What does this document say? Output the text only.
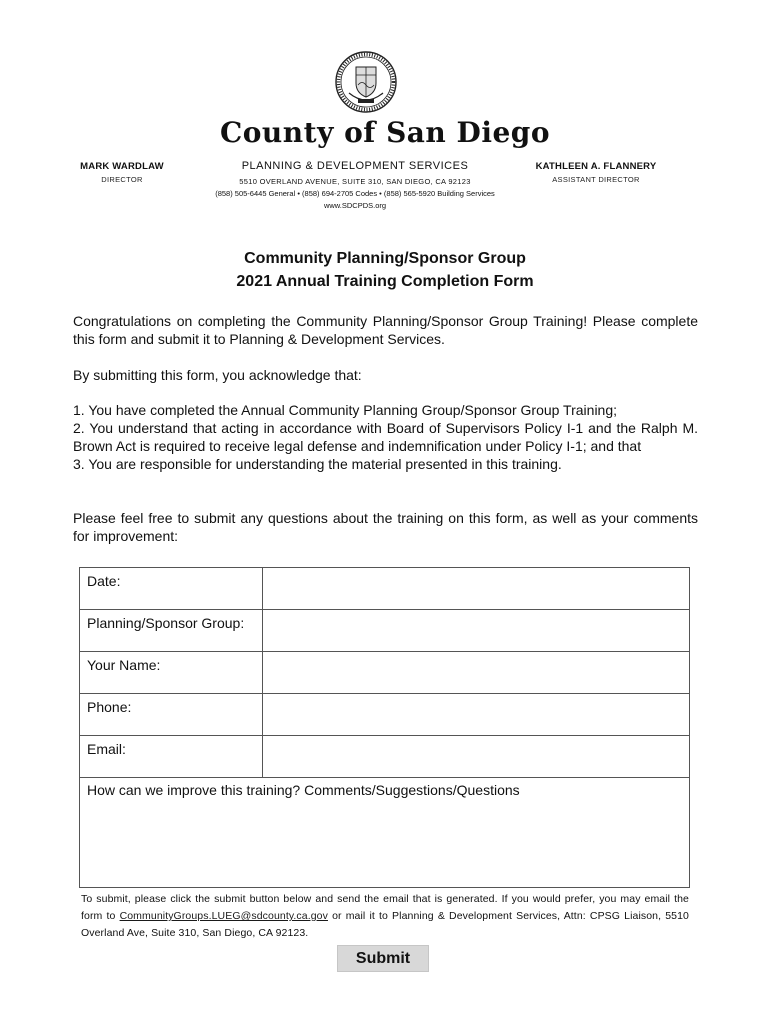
County of San Diego
MARK WARDLAW
DIRECTOR
PLANNING & DEVELOPMENT SERVICES
5510 OVERLAND AVENUE, SUITE 310, SAN DIEGO, CA 92123
(858) 505-6445 General • (858) 694-2705 Codes • (858) 565-5920 Building Services
www.SDCPDS.org
KATHLEEN A. FLANNERY
ASSISTANT DIRECTOR
Community Planning/Sponsor Group
2021 Annual Training Completion Form
Congratulations on completing the Community Planning/Sponsor Group Training! Please complete this form and submit it to Planning & Development Services.
By submitting this form, you acknowledge that:
1. You have completed the Annual Community Planning Group/Sponsor Group Training;
2. You understand that acting in accordance with Board of Supervisors Policy I-1 and the Ralph M. Brown Act is required to receive legal defense and indemnification under Policy I-1; and that
3. You are responsible for understanding the material presented in this training.
Please feel free to submit any questions about the training on this form, as well as your comments for improvement:
Date:	

Planning/Sponsor Group:	

Your Name:	

Phone:	

Email:	

How can we improve this training? Comments/Suggestions/Questions	
To submit, please click the submit button below and send the email that is generated. If you would prefer, you may email the form to CommunityGroups.LUEG@sdcounty.ca.gov or mail it to Planning & Development Services, Attn: CPSG Liaison, 5510 Overland Ave, Suite 310, San Diego, CA 92123.
Submit
